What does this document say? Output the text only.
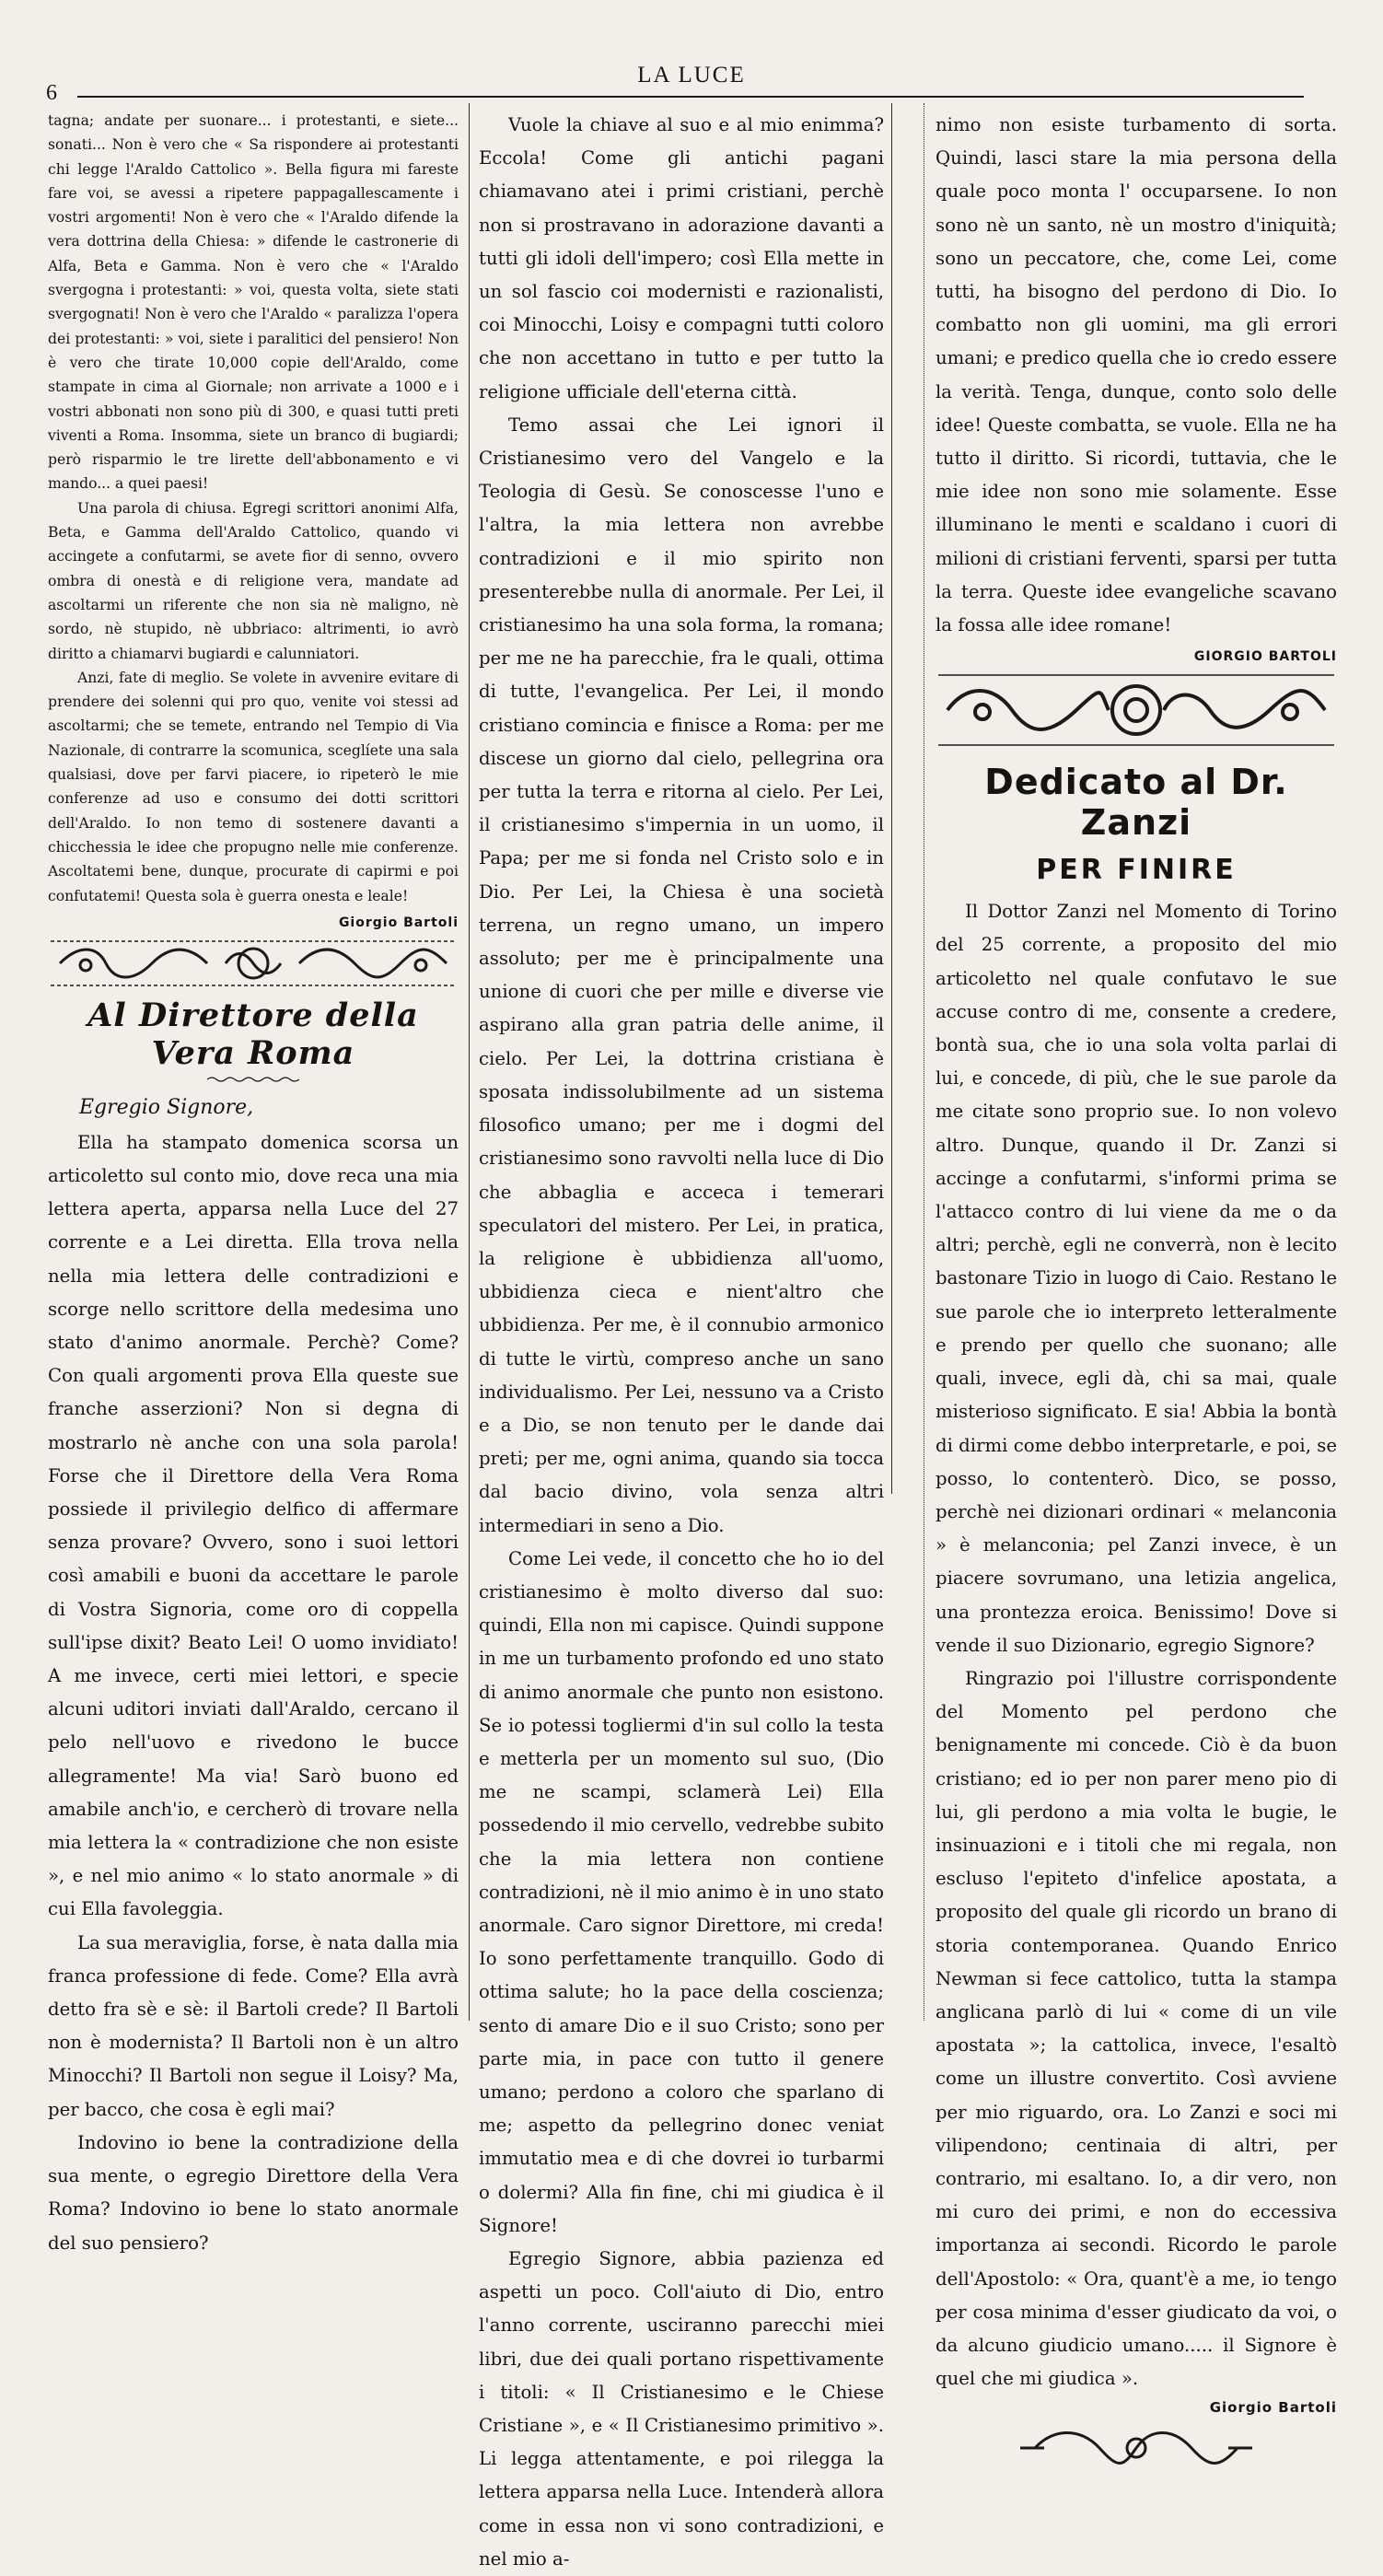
6
LA LUCE

tagna; andate per suonare... i protestanti, e siete... sonati... Non è vero che « Sa rispondere ai protestanti chi legge l'Araldo Cattolico ». Bella figura mi fareste fare voi, se avessi a ripetere pappagallescamente i vostri argomenti! Non è vero che « l'Araldo difende la vera dottrina della Chiesa: » difende le castronerie di Alfa, Beta e Gamma. Non è vero che « l'Araldo svergogna i protestanti: » voi, questa volta, siete stati svergognati! Non è vero che l'Araldo « paralizza l'opera dei protestanti: » voi, siete i paralitici del pensiero! Non è vero che tirate 10,000 copie dell'Araldo, come stampate in cima al Giornale; non arrivate a 1000 e i vostri abbonati non sono più di 300, e quasi tutti preti viventi a Roma. Insomma, siete un branco di bugiardi; però risparmio le tre lirette dell'abbonamento e vi mando... a quei paesi!

Una parola di chiusa. Egregi scrittori anonimi Alfa, Beta, e Gamma dell'Araldo Cattolico, quando vi accingete a confutarmi, se avete fior di senno, ovvero ombra di onestà e di religione vera, mandate ad ascoltarmi un riferente che non sia nè maligno, nè sordo, nè stupido, nè ubbriaco: altrimenti, io avrò diritto a chiamarvi bugiardi e calunniatori.

Anzi, fate di meglio. Se volete in avvenire evitare di prendere dei solenni qui pro quo, venite voi stessi ad ascoltarmi; che se temete, entrando nel Tempio di Via Nazionale, di contrarre la scomunica, sceglíete una sala qualsiasi, dove per farvi piacere, io ripeterò le mie conferenze ad uso e consumo dei dotti scrittori dell'Araldo. Io non temo di sostenere davanti a chicchessia le idee che propugno nelle mie conferenze. Ascoltatemi bene, dunque, procurate di capirmi e poi confutatemi! Questa sola è guerra onesta e leale!

Giorgio Bartoli
Al Direttore della Vera Roma
Egregio Signore,

Ella ha stampato domenica scorsa un articoletto sul conto mio, dove reca una mia lettera aperta, apparsa nella Luce del 27 corrente e a Lei diretta. Ella trova nella nella mia lettera delle contradizioni e scorge nello scrittore della medesima uno stato d'animo anormale. Perchè? Come? Con quali argomenti prova Ella queste sue franche asserzioni? Non si degna di mostrarlo nè anche con una sola parola! Forse che il Direttore della Vera Roma possiede il privilegio delfico di affermare senza provare? Ovvero, sono i suoi lettori così amabili e buoni da accettare le parole di Vostra Signoria, come oro di coppella sull'ipse dixit? Beato Lei! O uomo invidiato! A me invece, certi miei lettori, e specie alcuni uditori inviati dall'Araldo, cercano il pelo nell'uovo e rivedono le bucce allegramente! Ma via! Sarò buono ed amabile anch'io, e cercherò di trovare nella mia lettera la « contradizione che non esiste », e nel mio animo « lo stato anormale » di cui Ella favoleggia.

La sua meraviglia, forse, è nata dalla mia franca professione di fede. Come? Ella avrà detto fra sè e sè: il Bartoli crede? Il Bartoli non è modernista? Il Bartoli non è un altro Minocchi? Il Bartoli non segue il Loisy? Ma, per bacco, che cosa è egli mai?

Indovino io bene la contradizione della sua mente, o egregio Direttore della Vera Roma? Indovino io bene lo stato anormale del suo pensiero?

Vuole la chiave al suo e al mio enimma? Eccola! Come gli antichi pagani chiamavano atei i primi cristiani, perchè non si prostravano in adorazione davanti a tutti gli idoli dell'impero; così Ella mette in un sol fascio coi modernisti e razionalisti, coi Minocchi, Loisy e compagni tutti coloro che non accettano in tutto e per tutto la religione ufficiale dell'eterna città.

Temo assai che Lei ignori il Cristianesimo vero del Vangelo e la Teologia di Gesù. Se conoscesse l'uno e l'altra, la mia lettera non avrebbe contradizioni e il mio spirito non presenterebbe nulla di anormale. Per Lei, il cristianesimo ha una sola forma, la romana; per me ne ha parecchie, fra le quali, ottima di tutte, l'evangelica. Per Lei, il mondo cristiano comincia e finisce a Roma: per me discese un giorno dal cielo, pellegrina ora per tutta la terra e ritorna al cielo. Per Lei, il cristianesimo s'impernia in un uomo, il Papa; per me si fonda nel Cristo solo e in Dio. Per Lei, la Chiesa è una società terrena, un regno umano, un impero assoluto; per me è principalmente una unione di cuori che per mille e diverse vie aspirano alla gran patria delle anime, il cielo. Per Lei, la dottrina cristiana è sposata indissolubilmente ad un sistema filosofico umano; per me i dogmi del cristianesimo sono ravvolti nella luce di Dio che abbaglia e acceca i temerari speculatori del mistero. Per Lei, in pratica, la religione è ubbidienza all'uomo, ubbidienza cieca e nient'altro che ubbidienza. Per me, è il connubio armonico di tutte le virtù, compreso anche un sano individualismo. Per Lei, nessuno va a Cristo e a Dio, se non tenuto per le dande dai preti; per me, ogni anima, quando sia tocca dal bacio divino, vola senza altri intermediari in seno a Dio.

Come Lei vede, il concetto che ho io del cristianesimo è molto diverso dal suo: quindi, Ella non mi capisce. Quindi suppone in me un turbamento profondo ed uno stato di animo anormale che punto non esistono. Se io potessi togliermi d'in sul collo la testa e metterla per un momento sul suo, (Dio me ne scampi, sclamerà Lei) Ella possedendo il mio cervello, vedrebbe subito che la mia lettera non contiene contradizioni, nè il mio animo è in uno stato anormale. Caro signor Direttore, mi creda! Io sono perfettamente tranquillo. Godo di ottima salute; ho la pace della coscienza; sento di amare Dio e il suo Cristo; sono per parte mia, in pace con tutto il genere umano; perdono a coloro che sparlano di me; aspetto da pellegrino donec veniat immutatio mea e di che dovrei io turbarmi o dolermi? Alla fin fine, chi mi giudica è il Signore!

Egregio Signore, abbia pazienza ed aspetti un poco. Coll'aiuto di Dio, entro l'anno corrente, usciranno parecchi miei libri, due dei quali portano rispettivamente i titoli: « Il Cristianesimo e le Chiese Cristiane », e « Il Cristianesimo primitivo ». Li legga attentamente, e poi rilegga la lettera apparsa nella Luce. Intenderà allora come in essa non vi sono contradizioni, e nel mio a-

nimo non esiste turbamento di sorta. Quindi, lasci stare la mia persona della quale poco monta l' occuparsene. Io non sono nè un santo, nè un mostro d'iniquità; sono un peccatore, che, come Lei, come tutti, ha bisogno del perdono di Dio. Io combatto non gli uomini, ma gli errori umani; e predico quella che io credo essere la verità. Tenga, dunque, conto solo delle idee! Queste combatta, se vuole. Ella ne ha tutto il diritto. Si ricordi, tuttavia, che le mie idee non sono mie solamente. Esse illuminano le menti e scaldano i cuori di milioni di cristiani ferventi, sparsi per tutta la terra. Queste idee evangeliche scavano la fossa alle idee romane!

GIORGIO BARTOLI
Dedicato al Dr. Zanzi
PER FINIRE

Il Dottor Zanzi nel Momento di Torino del 25 corrente, a proposito del mio articoletto nel quale confutavo le sue accuse contro di me, consente a credere, bontà sua, che io una sola volta parlai di lui, e concede, di più, che le sue parole da me citate sono proprio sue. Io non volevo altro. Dunque, quando il Dr. Zanzi si accinge a confutarmi, s'informi prima se l'attacco contro di lui viene da me o da altri; perchè, egli ne converrà, non è lecito bastonare Tizio in luogo di Caio. Restano le sue parole che io interpreto letteralmente e prendo per quello che suonano; alle quali, invece, egli dà, chi sa mai, quale misterioso significato. E sia! Abbia la bontà di dirmi come debbo interpretarle, e poi, se posso, lo contenterò. Dico, se posso, perchè nei dizionari ordinari « melanconia » è melanconia; pel Zanzi invece, è un piacere sovrumano, una letizia angelica, una prontezza eroica. Benissimo! Dove si vende il suo Dizionario, egregio Signore?

Ringrazio poi l'illustre corrispondente del Momento pel perdono che benignamente mi concede. Ciò è da buon cristiano; ed io per non parer meno pio di lui, gli perdono a mia volta le bugie, le insinuazioni e i titoli che mi regala, non escluso l'epiteto d'infelice apostata, a proposito del quale gli ricordo un brano di storia contemporanea. Quando Enrico Newman si fece cattolico, tutta la stampa anglicana parlò di lui « come di un vile apostata »; la cattolica, invece, l'esaltò come un illustre convertito. Così avviene per mio riguardo, ora. Lo Zanzi e soci mi vilipendono; centinaia di altri, per contrario, mi esaltano. Io, a dir vero, non mi curo dei primi, e non do eccessiva importanza ai secondi. Ricordo le parole dell'Apostolo: « Ora, quant'è a me, io tengo per cosa minima d'esser giudicato da voi, o da alcuno giudicio umano..... il Signore è quel che mi giudica ».

Giorgio Bartoli
